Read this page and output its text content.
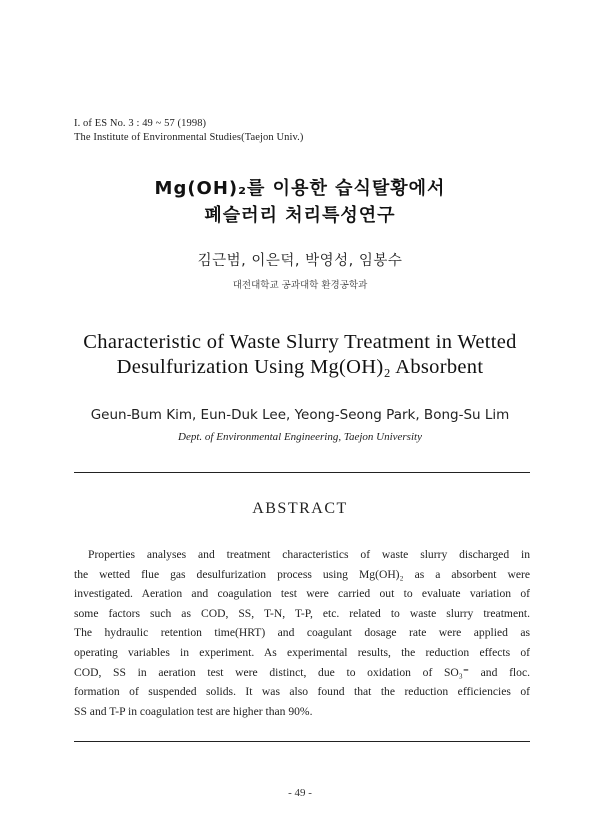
I. of ES No. 3 : 49 ~ 57 (1998)
The Institute of Environmental Studies(Taejon Univ.)
Mg(OH)₂를 이용한 습식탈황에서
폐슬러리 처리특성연구
김근범, 이은덕, 박영성, 임봉수
대전대학교 공과대학 환경공학과
Characteristic of Waste Slurry Treatment in Wetted
Desulfurization Using Mg(OH)₂ Absorbent
Geun-Bum Kim, Eun-Duk Lee, Yeong-Seong Park, Bong-Su Lim
Dept. of Environmental Engineering, Taejon University
ABSTRACT
Properties analyses and treatment characteristics of waste slurry discharged in
the wetted flue gas desulfurization process using Mg(OH)₂ as a absorbent were
investigated. Aeration and coagulation test were carried out to evaluate variation of
some factors such as COD, SS, T-N, T-P, etc. related to waste slurry treatment.
The hydraulic retention time(HRT) and coagulant dosage rate were applied as
operating variables in experiment. As experimental results, the reduction effects of
COD, SS in aeration test were distinct, due to oxidation of SO₃⁼ and floc.
formation of suspended solids. It was also found that the reduction efficiencies of
SS and T-P in coagulation test are higher than 90%.
- 49 -
